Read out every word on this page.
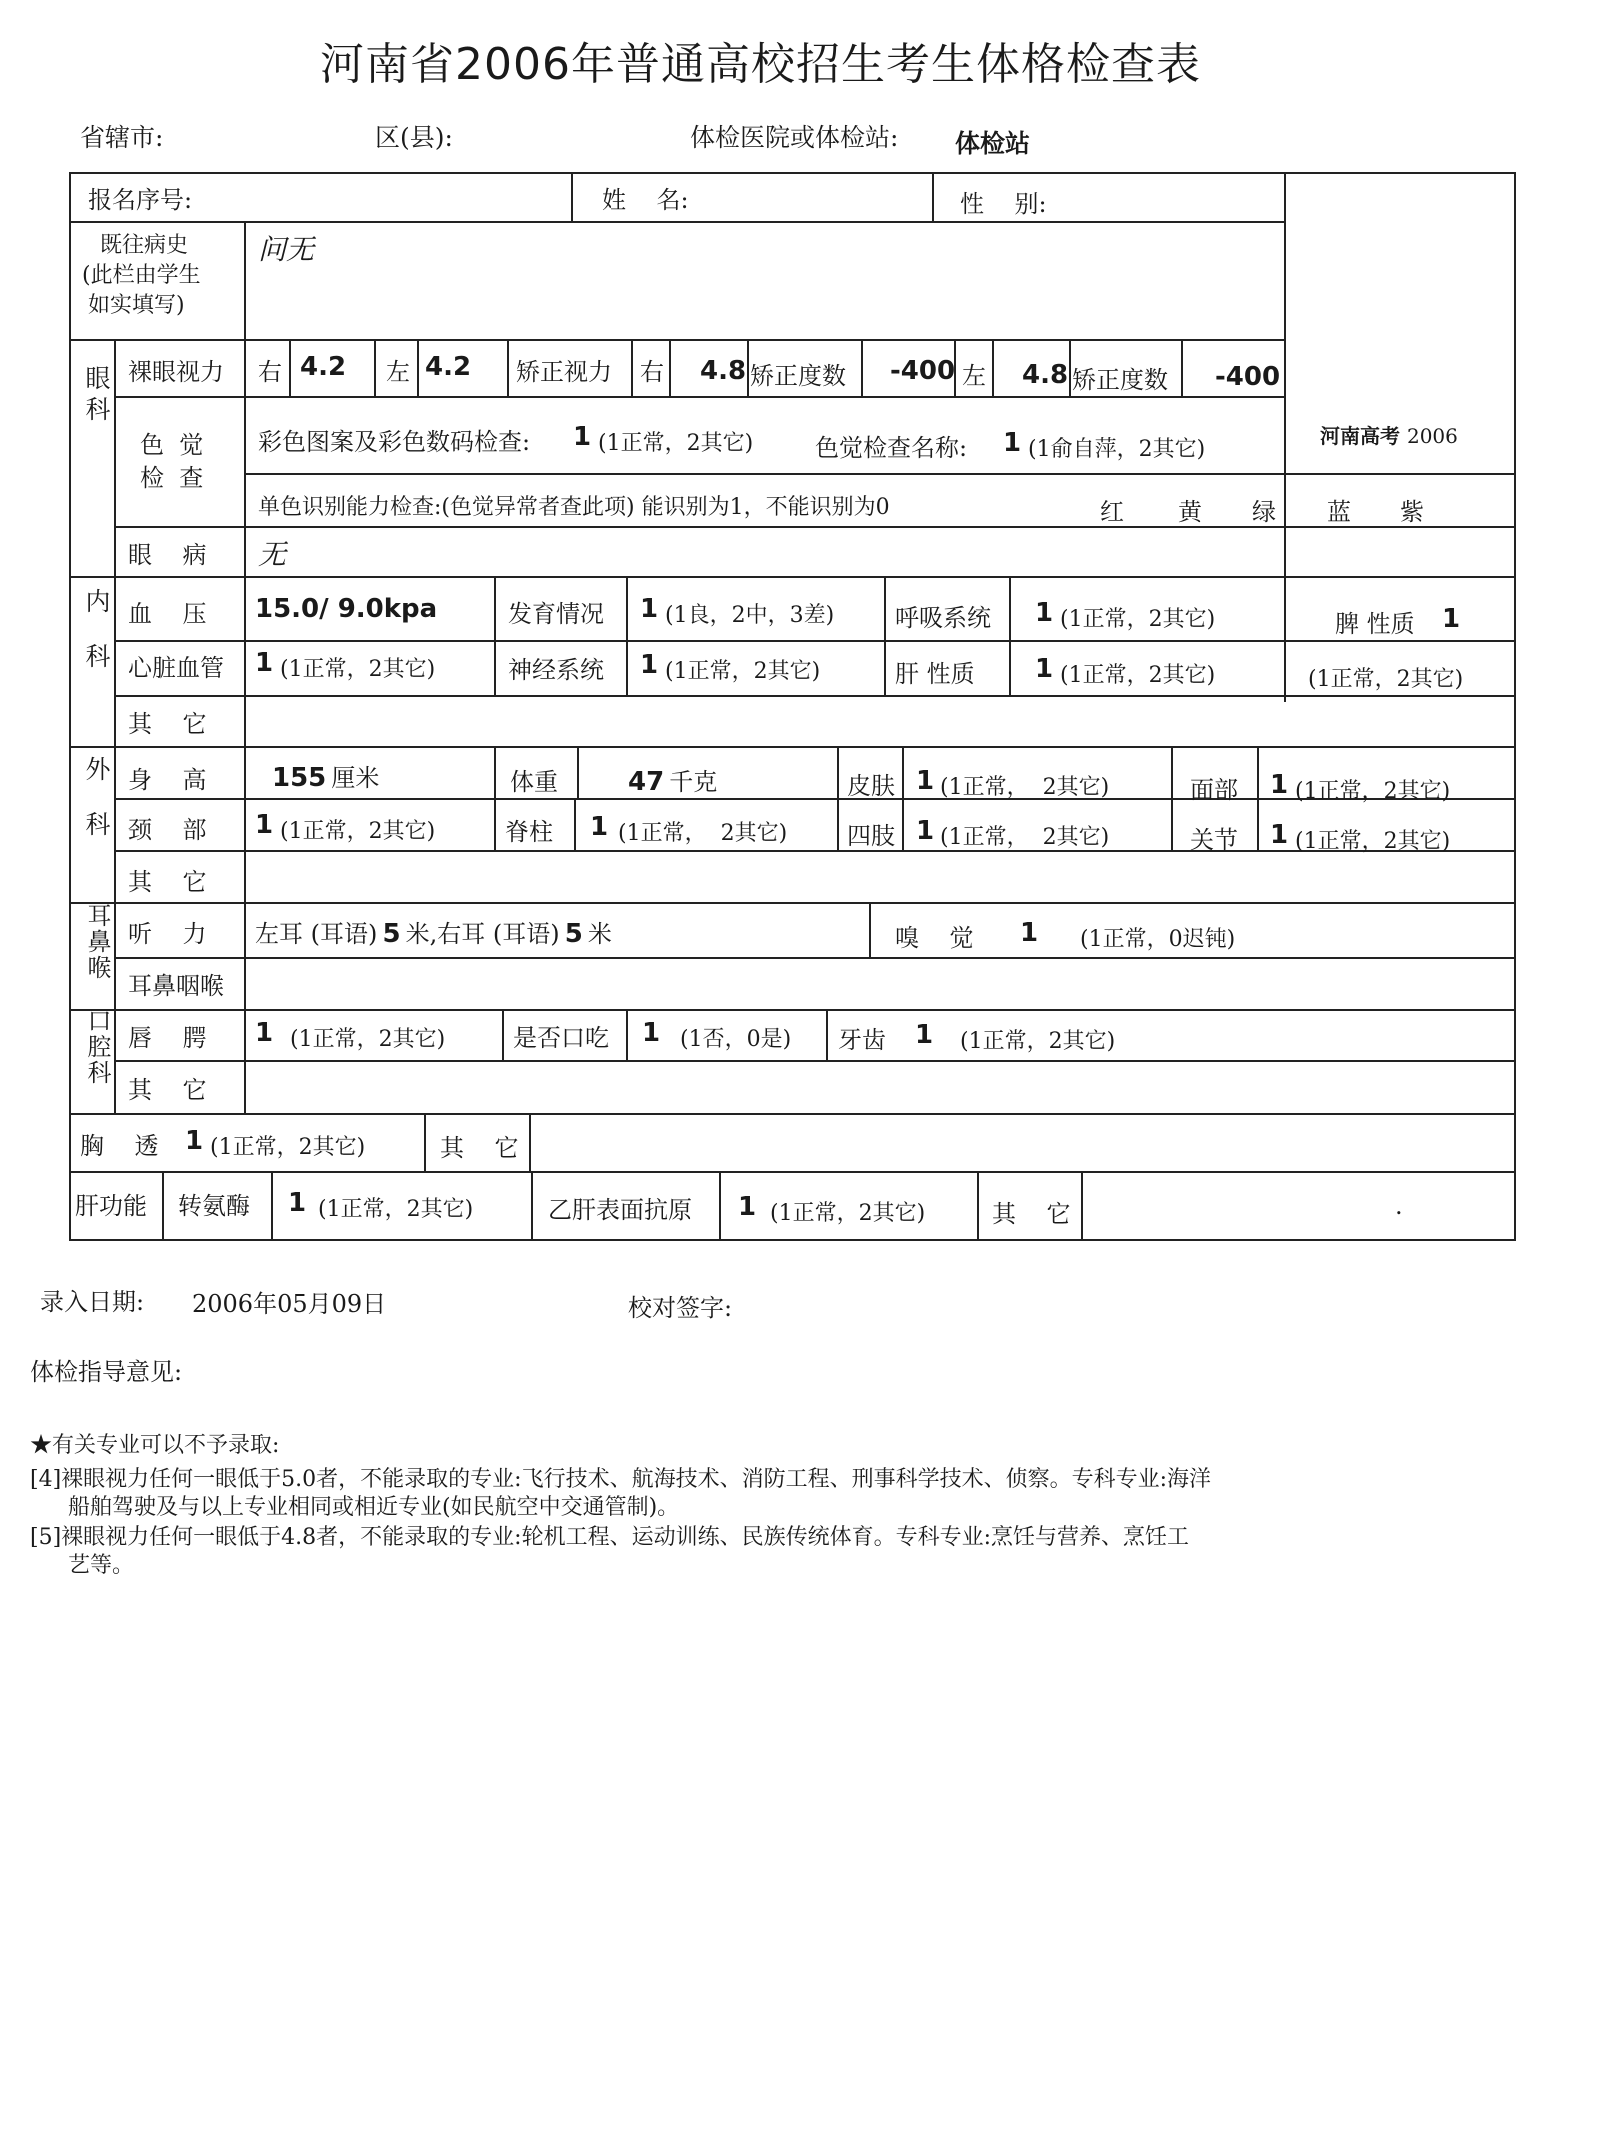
河南省2006年普通高校招生考生体格检查表
省辖市:	区(县):	体检医院或体检站: 体检站
报名序号:	姓    名:	性    别:
既往病史
(此栏由学生
如实填写)
问无
眼科 裸眼视力 右 4.2 左 4.2 矫正视力 右 4.8 矫正度数 -400 左 4.8 矫正度数 -400
色  觉
检  查
彩色图案及彩色数码检查: 1 (1正常，2其它)	色觉检查名称: 1 (1俞自萍，2其它)
河南高考 2006
单色识别能力检查:(色觉异常者查此项) 能识别为1，不能识别为0	红 黄 绿 蓝 紫
眼    病 无
内科 血    压 15.0/ 9.0kpa	发育情况 1 (1良，2中，3差)	呼吸系统 1 (1正常，2其它)	脾 性质 1
(1正常，2其它)
心脏血管 1 (1正常，2其它)	神经系统 1 (1正常，2其它)	肝 性质 1 (1正常，2其它)
其    它
外科 身    高	155 厘米	体重	47 千克	皮肤 1 (1正常，  2其它)	面部 1 (1正常，2其它)
颈    部 1 (1正常，2其它)	脊柱 1 (1正常，  2其它) 四肢 1 (1正常，  2其它)	关节 1 (1正常，2其它)
其    它
耳鼻喉 听    力 左耳 (耳语) 5 米,右耳 (耳语) 5 米	嗅    觉 1 (1正常，0迟钝)
耳鼻咽喉
口腔科 唇    腭 1 (1正常，2其它)	是否口吃 1 (1否，0是) 牙齿 1 (1正常，2其它)
其    它
胸    透 1 (1正常，2其它)	其    它
肝功能 转氨酶 1 (1正常，2其它)	乙肝表面抗原 1 (1正常，2其它)	其    它	.
录入日期: 2006年05月09日	校对签字:
体检指导意见:
★有关专业可以不予录取:
[4]裸眼视力任何一眼低于5.0者，不能录取的专业:飞行技术、航海技术、消防工程、刑事科学技术、侦察。专科专业:海洋
船舶驾驶及与以上专业相同或相近专业(如民航空中交通管制)。
[5]裸眼视力任何一眼低于4.8者，不能录取的专业:轮机工程、运动训练、民族传统体育。专科专业:烹饪与营养、烹饪工
艺等。
